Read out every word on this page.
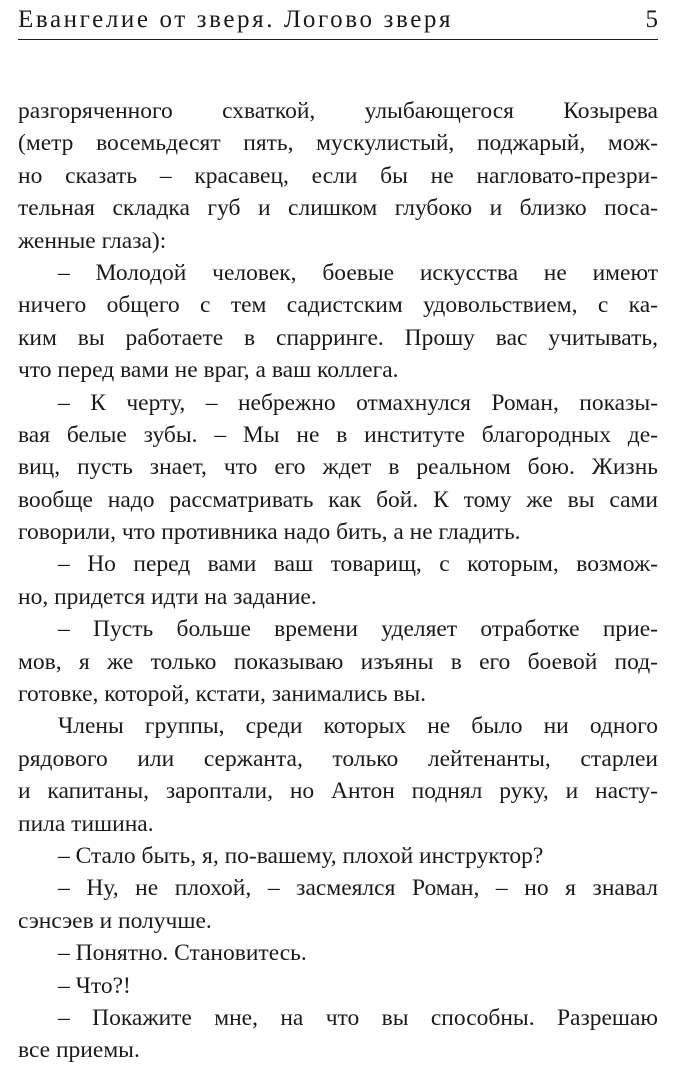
Евангелие от зверя. Логово зверя	5
разгоряченного схваткой, улыбающегося Козырева
(метр восемьдесят пять, мускулистый, поджарый, мож-
но сказать – красавец, если бы не нагловато-презри-
тельная складка губ и слишком глубоко и близко поса-
женные глаза):
– Молодой человек, боевые искусства не имеют
ничего общего с тем садистским удовольствием, с ка-
ким вы работаете в спарринге. Прошу вас учитывать,
что перед вами не враг, а ваш коллега.
– К черту, – небрежно отмахнулся Роман, показы-
вая белые зубы. – Мы не в институте благородных де-
виц, пусть знает, что его ждет в реальном бою. Жизнь
вообще надо рассматривать как бой. К тому же вы сами
говорили, что противника надо бить, а не гладить.
– Но перед вами ваш товарищ, с которым, возмож-
но, придется идти на задание.
– Пусть больше времени уделяет отработке прие-
мов, я же только показываю изъяны в его боевой под-
готовке, которой, кстати, занимались вы.
Члены группы, среди которых не было ни одного
рядового или сержанта, только лейтенанты, старлеи
и капитаны, зароптали, но Антон поднял руку, и насту-
пила тишина.
– Стало быть, я, по-вашему, плохой инструктор?
– Ну, не плохой, – засмеялся Роман, – но я знавал
сэнсэев и получше.
– Понятно. Становитесь.
– Что?!
– Покажите мне, на что вы способны. Разрешаю
все приемы.
